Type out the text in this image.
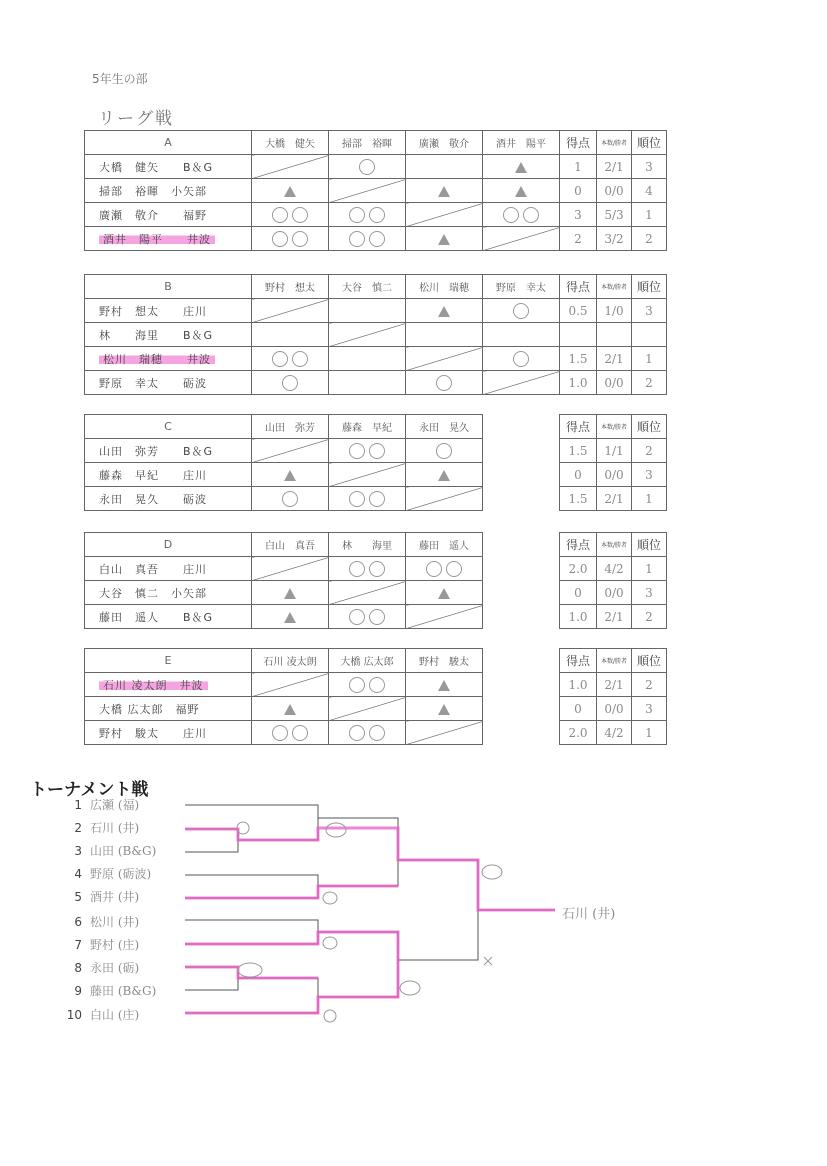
5年生の部
リーグ戦
A	大橋　健矢	掃部　裕暉	廣瀬　敬介	酒井　陽平	得点	本数/勝者	順位
大橋　健矢　　B＆G					1	2/1	3
掃部　裕暉　小矢部					0	0/0	4
廣瀬　敬介　　福野					3	5/3	1
酒井　陽平　　井波					2	3/2	2
B	野村　想太	大谷　慎二	松川　瑞穂	野原　幸太	得点	本数/勝者	順位
野村　想太　　庄川					0.5	1/0	3
林　　海里　　B＆G							
松川　瑞穂　　井波					1.5	2/1	1
野原　幸太　　砺波					1.0	0/0	2
C	山田　弥芳	藤森　早紀	永田　晃久		得点	本数/勝者	順位
山田　弥芳　　B＆G					1.5	1/1	2
藤森　早紀　　庄川					0	0/0	3
永田　晃久　　砺波					1.5	2/1	1
D	白山　真吾	林　　海里	藤田　遥人		得点	本数/勝者	順位
白山　真吾　　庄川					2.0	4/2	1
大谷　慎二　小矢部					0	0/0	3
藤田　遥人　　B＆G					1.0	2/1	2
E	石川 凌太朗	大橋 広太郎	野村　駿太		得点	本数/勝者	順位
石川 凌太朗　井波					1.0	2/1	2
大橋 広太郎　福野					0	0/0	3
野村　駿太　　庄川					2.0	4/2	1
トーナメント戦
1 広瀬 (福)
2 石川 (井)
3 山田 (B&G)
4 野原 (砺波)
5 酒井 (井)
6 松川 (井)
7 野村 (庄)
8 永田 (砺)
9 藤田 (B&G)
10 白山 (庄)
石川 (井)
